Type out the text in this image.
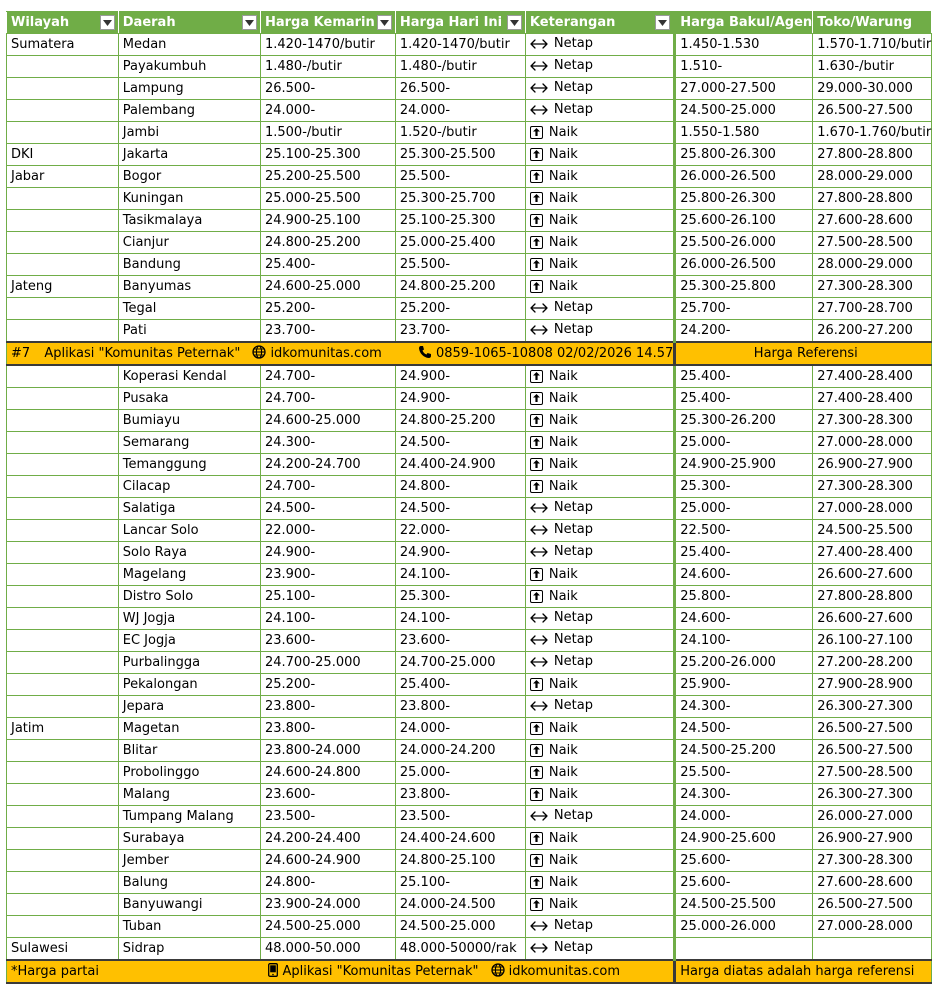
Wilayah	Daerah	Harga Kemarin	Harga Hari Ini	Keterangan	Harga Bakul/Agen	Toko/Warung
Sumatera	Medan	1.420-1470/butir	1.420-1470/butir	Netap	1.450-1.530	1.570-1.710/butir
	Payakumbuh	1.480-/butir	1.480-/butir	Netap	1.510-	1.630-/butir
	Lampung	26.500-	26.500-	Netap	27.000-27.500	29.000-30.000
	Palembang	24.000-	24.000-	Netap	24.500-25.000	26.500-27.500
	Jambi	1.500-/butir	1.520-/butir	Naik	1.550-1.580	1.670-1.760/butir
DKI	Jakarta	25.100-25.300	25.300-25.500	Naik	25.800-26.300	27.800-28.800
Jabar	Bogor	25.200-25.500	25.500-	Naik	26.000-26.500	28.000-29.000
	Kuningan	25.000-25.500	25.300-25.700	Naik	25.800-26.300	27.800-28.800
	Tasikmalaya	24.900-25.100	25.100-25.300	Naik	25.600-26.100	27.600-28.600
	Cianjur	24.800-25.200	25.000-25.400	Naik	25.500-26.000	27.500-28.500
	Bandung	25.400-	25.500-	Naik	26.000-26.500	28.000-29.000
Jateng	Banyumas	24.600-25.000	24.800-25.200	Naik	25.300-25.800	27.300-28.300
	Tegal	25.200-	25.200-	Netap	25.700-	27.700-28.700
	Pati	23.700-	23.700-	Netap	24.200-	26.200-27.200
#7 Aplikasi "Komunitas Peternak" idkomunitas.com 0859-1065-10808 02/02/2026 14.57					Harga Referensi	
	Koperasi Kendal	24.700-	24.900-	Naik	25.400-	27.400-28.400
	Pusaka	24.700-	24.900-	Naik	25.400-	27.400-28.400
	Bumiayu	24.600-25.000	24.800-25.200	Naik	25.300-26.200	27.300-28.300
	Semarang	24.300-	24.500-	Naik	25.000-	27.000-28.000
	Temanggung	24.200-24.700	24.400-24.900	Naik	24.900-25.900	26.900-27.900
	Cilacap	24.700-	24.800-	Naik	25.300-	27.300-28.300
	Salatiga	24.500-	24.500-	Netap	25.000-	27.000-28.000
	Lancar Solo	22.000-	22.000-	Netap	22.500-	24.500-25.500
	Solo Raya	24.900-	24.900-	Netap	25.400-	27.400-28.400
	Magelang	23.900-	24.100-	Naik	24.600-	26.600-27.600
	Distro Solo	25.100-	25.300-	Naik	25.800-	27.800-28.800
	WJ Jogja	24.100-	24.100-	Netap	24.600-	26.600-27.600
	EC Jogja	23.600-	23.600-	Netap	24.100-	26.100-27.100
	Purbalingga	24.700-25.000	24.700-25.000	Netap	25.200-26.000	27.200-28.200
	Pekalongan	25.200-	25.400-	Naik	25.900-	27.900-28.900
	Jepara	23.800-	23.800-	Netap	24.300-	26.300-27.300
Jatim	Magetan	23.800-	24.000-	Naik	24.500-	26.500-27.500
	Blitar	23.800-24.000	24.000-24.200	Naik	24.500-25.200	26.500-27.500
	Probolinggo	24.600-24.800	25.000-	Naik	25.500-	27.500-28.500
	Malang	23.600-	23.800-	Naik	24.300-	26.300-27.300
	Tumpang Malang	23.500-	23.500-	Netap	24.000-	26.000-27.000
	Surabaya	24.200-24.400	24.400-24.600	Naik	24.900-25.600	26.900-27.900
	Jember	24.600-24.900	24.800-25.100	Naik	25.600-	27.300-28.300
	Balung	24.800-	25.100-	Naik	25.600-	27.600-28.600
	Banyuwangi	23.900-24.000	24.000-24.500	Naik	24.500-25.500	26.500-27.500
	Tuban	24.500-25.000	24.500-25.000	Netap	25.000-26.000	27.000-28.000
Sulawesi	Sidrap	48.000-50.000	48.000-50000/rak	Netap		

*Harga partai		Aplikasi "Komunitas Peternak" idkomunitas.com			Harga diatas adalah harga referensi	
